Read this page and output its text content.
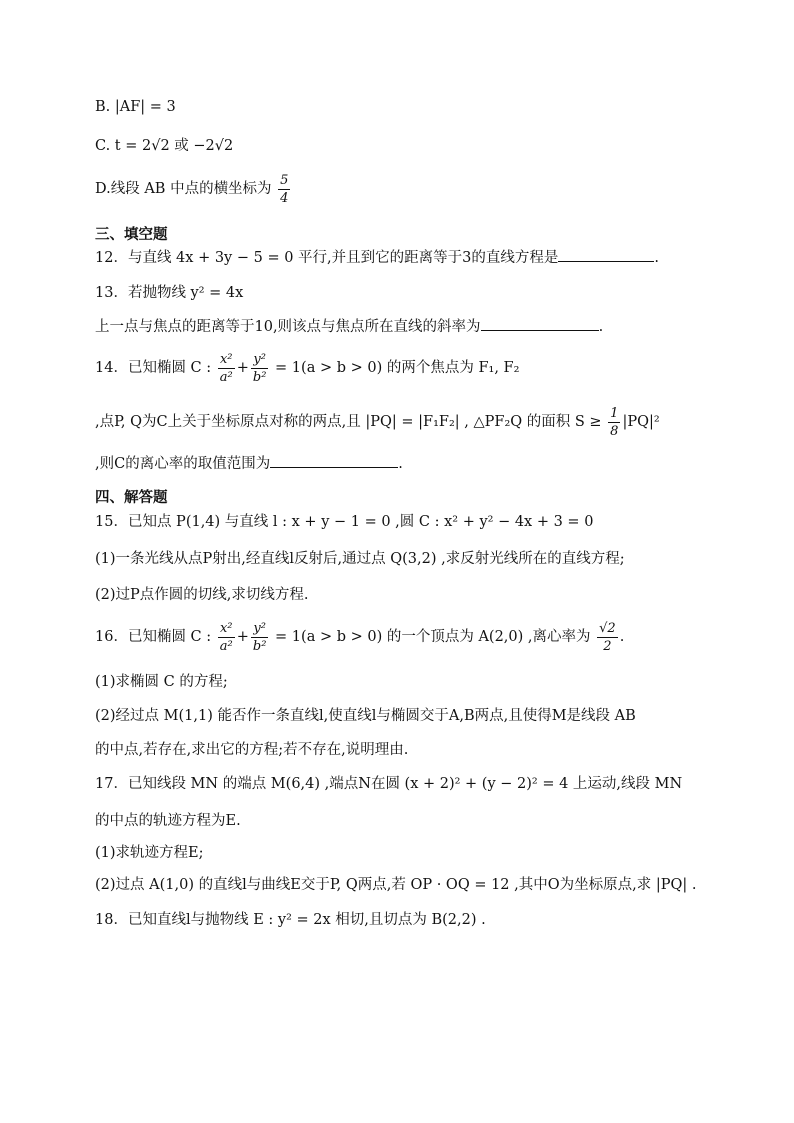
B. |AF| = 3
C. t = 2√2 或 −2√2
D.线段 AB 中点的横坐标为 $\frac{5}{4}$
三、填空题
12．与直线 4x + 3y − 5 = 0 平行,并且到它的距离等于3的直线方程是	.
13．若抛物线 y² = 4x
上一点与焦点的距离等于10,则该点与焦点所在直线的斜率为	.
14．已知椭圆 C : $\frac{\text{x²}}{\text{a²}} + \frac{\text{y²}}{\text{b²}} = 1(a > b > 0)$ 的两个焦点为 F₁, F₂
,点P, Q为C上关于坐标原点对称的两点,且 |PQ| = |F₁F₂| , △PF₂Q 的面积 $S \ge \frac{1}{8} |PQ|^2$
,则C的离心率的取值范围为	.
四、解答题
15．已知点 P(1,4) 与直线 l : x + y − 1 = 0 ,圆 C : x² + y² − 4x + 3 = 0
(1)一条光线从点P射出,经直线l反射后,通过点 Q(3,2) ,求反射光线所在的直线方程;
(2)过P点作圆的切线,求切线方程.
16．已知椭圆 C : $\frac{\text{x²}}{\text{a²}} + \frac{\text{y²}}{\text{b²}} = 1(a > b > 0)$ 的一个顶点为 A(2,0) ,离心率为 $\frac{√2}{2}$ .
(1)求椭圆 C 的方程;
(2)经过点 M(1,1) 能否作一条直线l,使直线l与椭圆交于A,B两点,且使得M是线段 AB
的中点,若存在,求出它的方程;若不存在,说明理由.
17．已知线段 MN 的端点 M(6,4) ,端点N在圆 (x + 2)² + (y − 2)² = 4 上运动,线段 MN
的中点的轨迹方程为E.
(1)求轨迹方程E;
(2)过点 A(1,0) 的直线l与曲线E交于P, Q两点,若 OP · OQ = 12 ,其中O为坐标原点,求 |PQ| .
18．已知直线l与抛物线 E : y² = 2x 相切,且切点为 B(2,2) .
